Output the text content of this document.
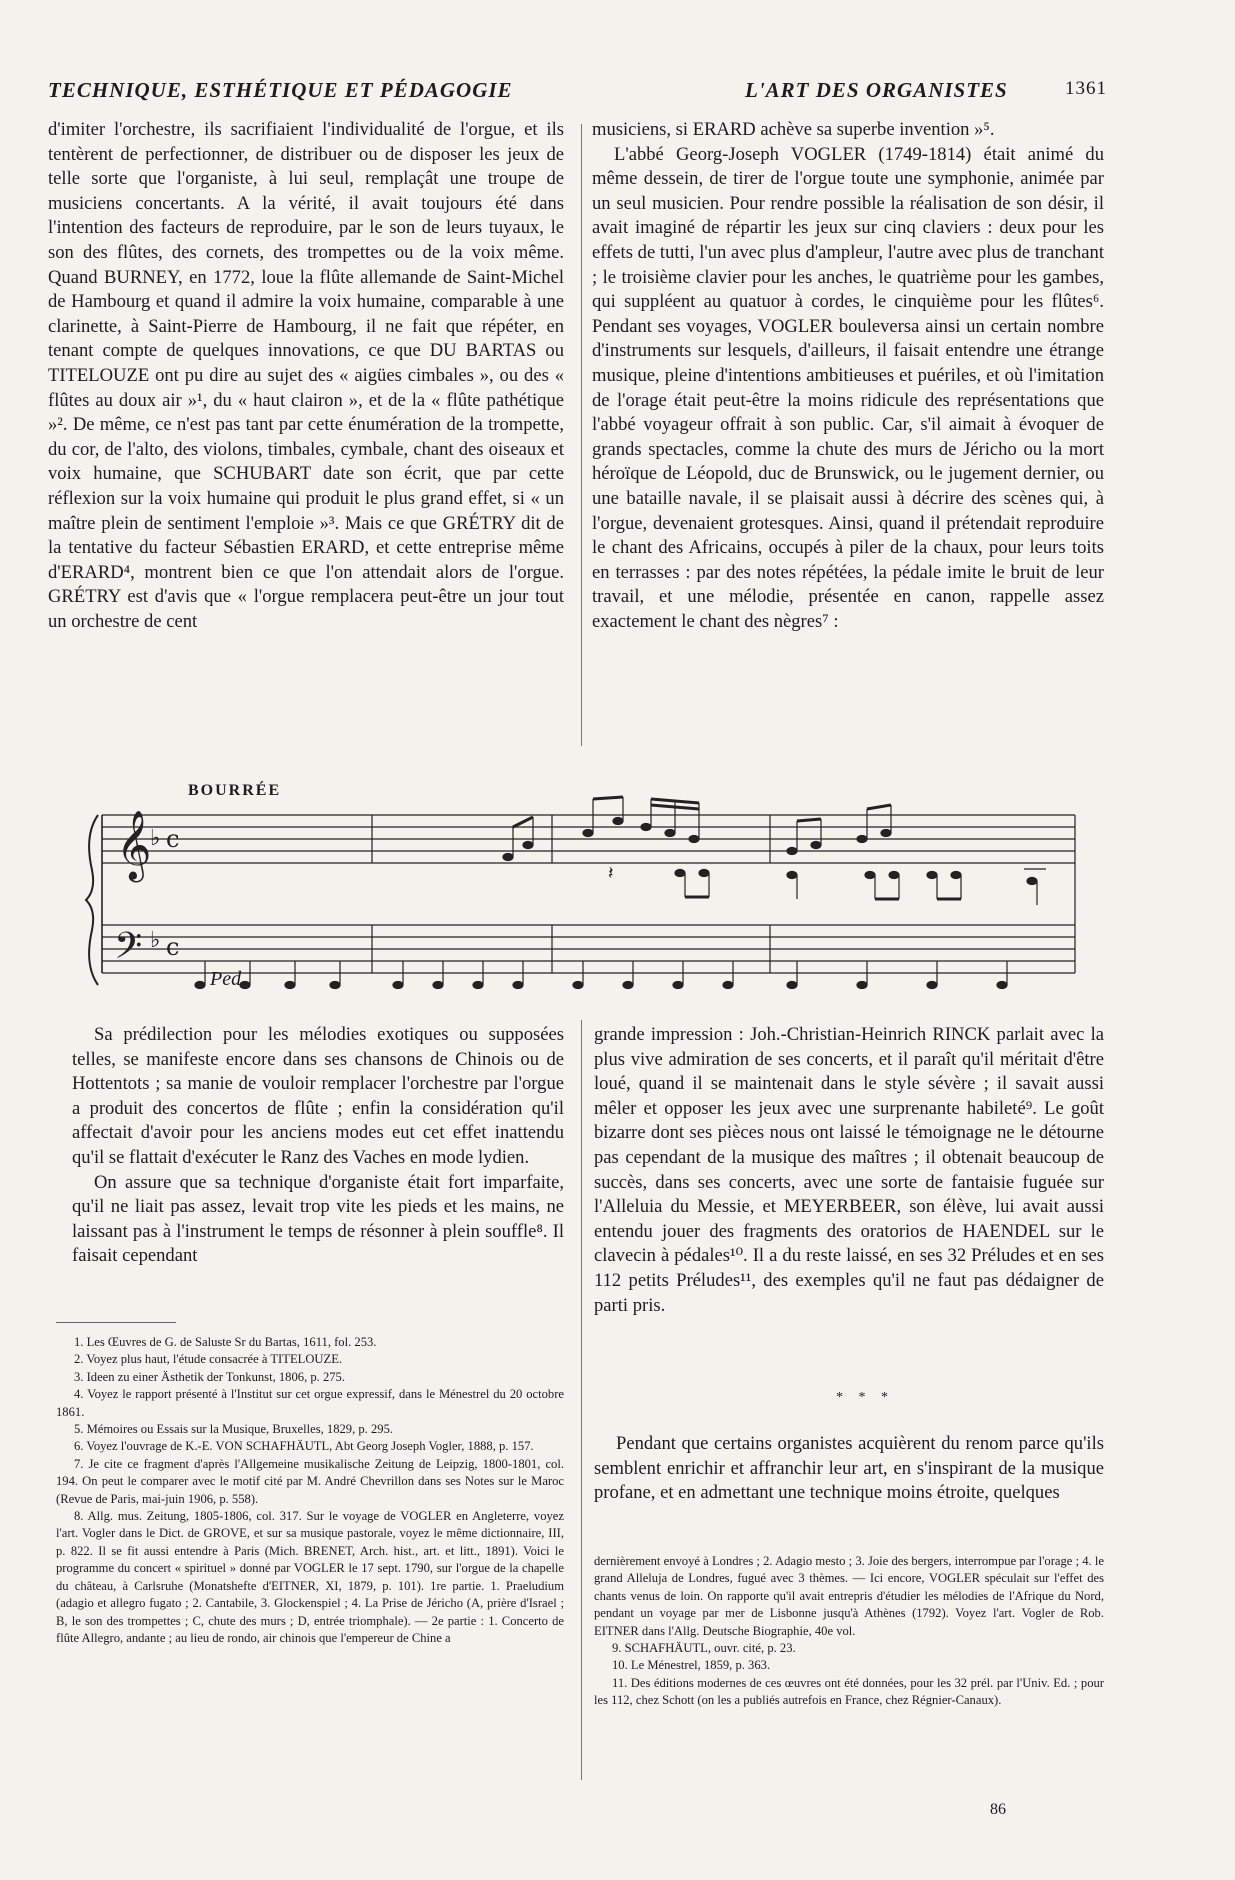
TECHNIQUE, ESTHÉTIQUE ET PÉDAGOGIE	L'ART DES ORGANISTES	1361

d'imiter l'orchestre, ils sacrifiaient l'individualité de l'orgue, et ils tentèrent de perfectionner, de distribuer ou de disposer les jeux de telle sorte que l'organiste, à lui seul, remplaçât une troupe de musiciens concertants. A la vérité, il avait toujours été dans l'intention des facteurs de reproduire, par le son de leurs tuyaux, le son des flûtes, des cornets, des trompettes ou de la voix même. Quand BURNEY, en 1772, loue la flûte allemande de Saint-Michel de Hambourg et quand il admire la voix humaine, comparable à une clarinette, à Saint-Pierre de Hambourg, il ne fait que répéter, en tenant compte de quelques innovations, ce que DU BARTAS ou TITELOUZE ont pu dire au sujet des « aigües cimbales », ou des « flûtes au doux air »¹, du « haut clairon », et de la « flûte pathétique »². De même, ce n'est pas tant par cette énumération de la trompette, du cor, de l'alto, des violons, timbales, cymbale, chant des oiseaux et voix humaine, que SCHUBART date son écrit, que par cette réflexion sur la voix humaine qui produit le plus grand effet, si « un maître plein de sentiment l'emploie »³. Mais ce que GRÉTRY dit de la tentative du facteur Sébastien ERARD, et cette entreprise même d'ERARD⁴, montrent bien ce que l'on attendait alors de l'orgue. GRÉTRY est d'avis que « l'orgue remplacera peut-être un jour tout un orchestre de cent

musiciens, si ERARD achève sa superbe invention »⁵.

L'abbé Georg-Joseph VOGLER (1749-1814) était animé du même dessein, de tirer de l'orgue toute une symphonie, animée par un seul musicien. Pour rendre possible la réalisation de son désir, il avait imaginé de répartir les jeux sur cinq claviers : deux pour les effets de tutti, l'un avec plus d'ampleur, l'autre avec plus de tranchant ; le troisième clavier pour les anches, le quatrième pour les gambes, qui suppléent au quatuor à cordes, le cinquième pour les flûtes⁶. Pendant ses voyages, VOGLER bouleversa ainsi un certain nombre d'instruments sur lesquels, d'ailleurs, il faisait entendre une étrange musique, pleine d'intentions ambitieuses et puériles, et où l'imitation de l'orage était peut-être la moins ridicule des représentations que l'abbé voyageur offrait à son public. Car, s'il aimait à évoquer de grands spectacles, comme la chute des murs de Jéricho ou la mort héroïque de Léopold, duc de Brunswick, ou le jugement dernier, ou une bataille navale, il se plaisait aussi à décrire des scènes qui, à l'orgue, devenaient grotesques. Ainsi, quand il prétendait reproduire le chant des Africains, occupés à piler de la chaux, pour leurs toits en terrasses : par des notes répétées, la pédale imite le bruit de leur travail, et une mélodie, présentée en canon, rappelle assez exactement le chant des nègres⁷ :

BOURRÉE
𝄞
𝄢
♭
♭
c
c
𝄽
Ped

Sa prédilection pour les mélodies exotiques ou supposées telles, se manifeste encore dans ses chansons de Chinois ou de Hottentots ; sa manie de vouloir remplacer l'orchestre par l'orgue a produit des concertos de flûte ; enfin la considération qu'il affectait d'avoir pour les anciens modes eut cet effet inattendu qu'il se flattait d'exécuter le Ranz des Vaches en mode lydien.

On assure que sa technique d'organiste était fort imparfaite, qu'il ne liait pas assez, levait trop vite les pieds et les mains, ne laissant pas à l'instrument le temps de résonner à plein souffle⁸. Il faisait cependant

1. Les Œuvres de G. de Saluste Sr du Bartas, 1611, fol. 253.

2. Voyez plus haut, l'étude consacrée à TITELOUZE.

3. Ideen zu einer Ästhetik der Tonkunst, 1806, p. 275.

4. Voyez le rapport présenté à l'Institut sur cet orgue expressif, dans le Ménestrel du 20 octobre 1861.

5. Mémoires ou Essais sur la Musique, Bruxelles, 1829, p. 295.

6. Voyez l'ouvrage de K.-E. VON SCHAFHÄUTL, Abt Georg Joseph Vogler, 1888, p. 157.

7. Je cite ce fragment d'après l'Allgemeine musikalische Zeitung de Leipzig, 1800-1801, col. 194. On peut le comparer avec le motif cité par M. André Chevrillon dans ses Notes sur le Maroc (Revue de Paris, mai-juin 1906, p. 558).

8. Allg. mus. Zeitung, 1805-1806, col. 317. Sur le voyage de VOGLER en Angleterre, voyez l'art. Vogler dans le Dict. de GROVE, et sur sa musique pastorale, voyez le même dictionnaire, III, p. 822. Il se fit aussi entendre à Paris (Mich. BRENET, Arch. hist., art. et litt., 1891). Voici le programme du concert « spirituel » donné par VOGLER le 17 sept. 1790, sur l'orgue de la chapelle du château, à Carlsruhe (Monatshefte d'EITNER, XI, 1879, p. 101). 1re partie. 1. Praeludium (adagio et allegro fugato ; 2. Cantabile, 3. Glockenspiel ; 4. La Prise de Jéricho (A, prière d'Israel ; B, le son des trompettes ; C, chute des murs ; D, entrée triomphale). — 2e partie : 1. Concerto de flûte Allegro, andante ; au lieu de rondo, air chinois que l'empereur de Chine a

grande impression : Joh.-Christian-Heinrich RINCK parlait avec la plus vive admiration de ses concerts, et il paraît qu'il méritait d'être loué, quand il se maintenait dans le style sévère ; il savait aussi mêler et opposer les jeux avec une surprenante habileté⁹. Le goût bizarre dont ses pièces nous ont laissé le témoignage ne le détourne pas cependant de la musique des maîtres ; il obtenait beaucoup de succès, dans ses concerts, avec une sorte de fantaisie fuguée sur l'Alleluia du Messie, et MEYERBEER, son élève, lui avait aussi entendu jouer des fragments des oratorios de HAENDEL sur le clavecin à pédales¹⁰. Il a du reste laissé, en ses 32 Préludes et en ses 112 petits Préludes¹¹, des exemples qu'il ne faut pas dédaigner de parti pris.

* * *

Pendant que certains organistes acquièrent du renom parce qu'ils semblent enrichir et affranchir leur art, en s'inspirant de la musique profane, et en admettant une technique moins étroite, quelques

dernièrement envoyé à Londres ; 2. Adagio mesto ; 3. Joie des bergers, interrompue par l'orage ; 4. le grand Alleluja de Londres, fugué avec 3 thèmes. — Ici encore, VOGLER spéculait sur l'effet des chants venus de loin. On rapporte qu'il avait entrepris d'étudier les mélodies de l'Afrique du Nord, pendant un voyage par mer de Lisbonne jusqu'à Athènes (1792). Voyez l'art. Vogler de Rob. EITNER dans l'Allg. Deutsche Biographie, 40e vol.

9. SCHAFHÄUTL, ouvr. cité, p. 23.

10. Le Ménestrel, 1859, p. 363.

11. Des éditions modernes de ces œuvres ont été données, pour les 32 prél. par l'Univ. Ed. ; pour les 112, chez Schott (on les a publiés autrefois en France, chez Régnier-Canaux).

86
